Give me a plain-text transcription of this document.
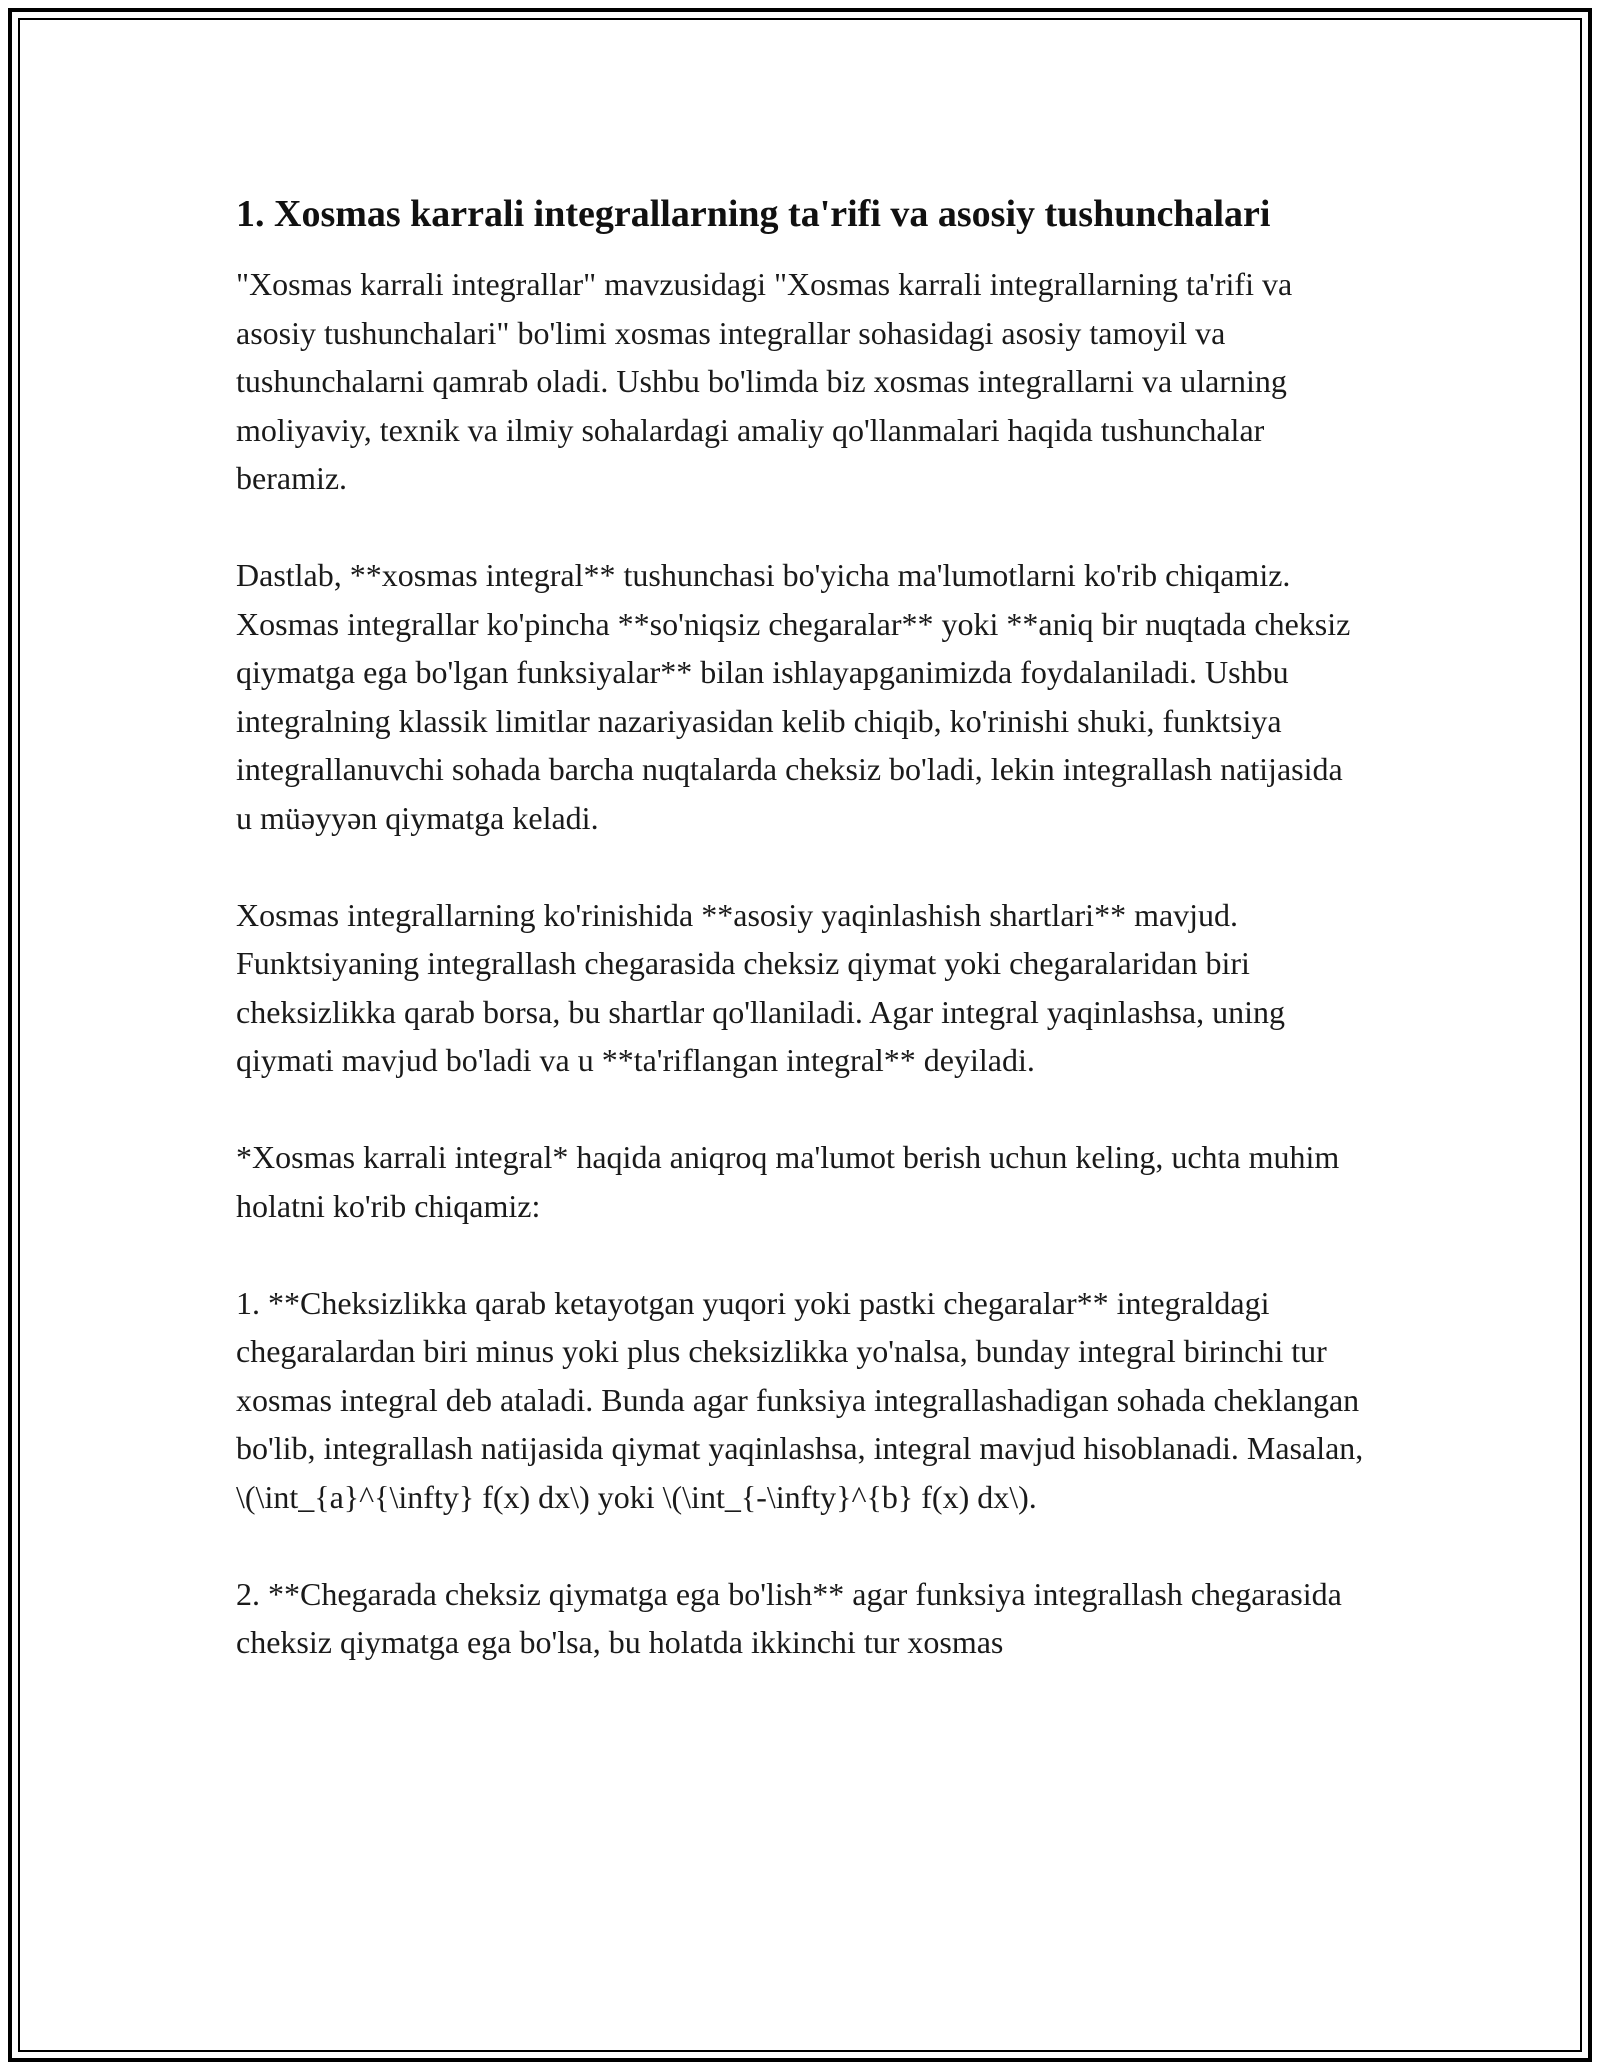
1. Xosmas karrali integrallarning ta'rifi va asosiy tushunchalari

"Xosmas karrali integrallar" mavzusidagi "Xosmas karrali integrallarning ta'rifi va asosiy tushunchalari" bo'limi xosmas integrallar sohasidagi asosiy tamoyil va tushunchalarni qamrab oladi. Ushbu bo'limda biz xosmas integrallarni va ularning moliyaviy, texnik va ilmiy sohalardagi amaliy qo'llanmalari haqida tushunchalar beramiz.

Dastlab, **xosmas integral** tushunchasi bo'yicha ma'lumotlarni ko'rib chiqamiz. Xosmas integrallar ko'pincha **so'niqsiz chegaralar** yoki **aniq bir nuqtada cheksiz qiymatga ega bo'lgan funksiyalar** bilan ishlayapganimizda foydalaniladi. Ushbu integralning klassik limitlar nazariyasidan kelib chiqib, ko'rinishi shuki, funktsiya integrallanuvchi sohada barcha nuqtalarda cheksiz bo'ladi, lekin integrallash natijasida u müəyyən qiymatga keladi.

Xosmas integrallarning ko'rinishida **asosiy yaqinlashish shartlari** mavjud. Funktsiyaning integrallash chegarasida cheksiz qiymat yoki chegaralaridan biri cheksizlikka qarab borsa, bu shartlar qo'llaniladi. Agar integral yaqinlashsa, uning qiymati mavjud bo'ladi va u **ta'riflangan integral** deyiladi.

*Xosmas karrali integral* haqida aniqroq ma'lumot berish uchun keling, uchta muhim holatni ko'rib chiqamiz:

1. **Cheksizlikka qarab ketayotgan yuqori yoki pastki chegaralar** integraldagi chegaralardan biri minus yoki plus cheksizlikka yo'nalsa, bunday integral birinchi tur xosmas integral deb ataladi. Bunda agar funksiya integrallashadigan sohada cheklangan bo'lib, integrallash natijasida qiymat yaqinlashsa, integral mavjud hisoblanadi. Masalan, \(\int_{a}^{\infty} f(x) dx\) yoki \(\int_{-\infty}^{b} f(x) dx\).

2. **Chegarada cheksiz qiymatga ega bo'lish** agar funksiya integrallash chegarasida cheksiz qiymatga ega bo'lsa, bu holatda ikkinchi tur xosmas
